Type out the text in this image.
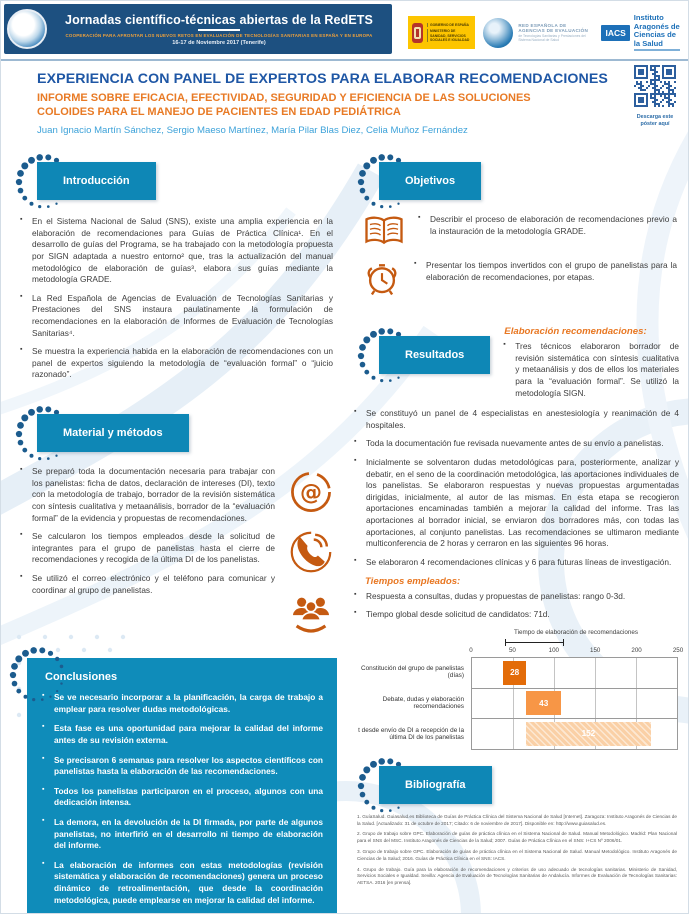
Jornadas científico-técnicas abiertas de la RedETS
COOPERACIÓN PARA AFRONTAR LOS NUEVOS RETOS EN EVALUACIÓN DE TECNOLOGÍAS SANITARIAS EN ESPAÑA Y EN EUROPA
16-17 de Noviembre 2017 (Tenerife)
GOBIERNO DE ESPAÑA
MINISTERIO DE SANIDAD, SERVICIOS SOCIALES E IGUALDAD
RED ESPAÑOLA DE AGENCIAS DE EVALUACIÓN
de Tecnologías Sanitarias y Prestaciones del Sistema Nacional de Salud
IACS
Instituto Aragonés de
Ciencias de la Salud
EXPERIENCIA CON PANEL DE EXPERTOS PARA ELABORAR RECOMENDACIONES
INFORME SOBRE EFICACIA, EFECTIVIDAD, SEGURIDAD Y EFICIENCIA DE LAS SOLUCIONES COLOIDES PARA EL MANEJO DE PACIENTES EN EDAD PEDIÁTRICA
Juan Ignacio Martín Sánchez, Sergio Maeso Martínez, María Pilar Blas Diez, Celia Muñoz Fernández
Descarga este
póster aquí
Introducción
▪ En el Sistema Nacional de Salud (SNS), existe una amplia experiencia en la elaboración de recomendaciones para Guías de Práctica Clínica¹. En el desarrollo de guías del Programa, se ha trabajado con la metodología propuesta por SIGN adaptada a nuestro entorno² que, tras la actualización del manual metodológico de elaboración de guías³, elabora sus guías mediante la metodología GRADE.
▪ La Red Española de Agencias de Evaluación de Tecnologías Sanitarias y Prestaciones del SNS instaura paulatinamente la formulación de recomendaciones en la elaboración de Informes de Evaluación de Tecnologías Sanitarias⁴.
▪ Se muestra la experiencia habida en la elaboración de recomendaciones con un panel de expertos siguiendo la metodología de “evaluación formal” o “juicio razonado”.
Material y métodos
▪ Se preparó toda la documentación necesaria para trabajar con los panelistas: ficha de datos, declaración de intereses (DI), texto con la metodología de trabajo, borrador de la revisión sistemática con síntesis cualitativa y metaanálisis, borrador de la “evaluación formal” de la evidencia y propuestas de recomendaciones.
▪ Se calcularon los tiempos empleados desde la solicitud de integrantes para el grupo de panelistas hasta el cierre de recomendaciones y recogida de la última DI de los panelistas.
▪ Se utilizó el correo electrónico y el teléfono para comunicar y coordinar al grupo de panelistas.
@
Conclusiones
▪ Se ve necesario incorporar a la planificación, la carga de trabajo a emplear para resolver dudas metodológicas.
▪ Esta fase es una oportunidad para mejorar la calidad del informe antes de su revisión externa.
▪ Se precisaron 6 semanas para resolver los aspectos científicos con panelistas hasta la elaboración de las recomendaciones.
▪ Todos los panelistas participaron en el proceso, algunos con una dedicación intensa.
▪ La demora, en la devolución de la DI firmada, por parte de algunos panelistas, no interfirió en el desarrollo ni tiempo de elaboración del informe.
▪ La elaboración de informes con estas metodologías (revisión sistemática y elaboración de recomendaciones) genera un proceso dinámico de retroalimentación, que desde la coordinación metodológica, puede emplearse en mejorar la calidad del informe.
Objetivos
▪ Describir el proceso de elaboración de recomendaciones previo a la instauración de la metodología GRADE.
▪ Presentar los tiempos invertidos con el grupo de panelistas para la elaboración de recomendaciones, por etapas.
Resultados
Elaboración recomendaciones:
▪ Tres técnicos elaboraron borrador de revisión sistemática con síntesis cualitativa y metaanálisis y dos de ellos los materiales para la “evaluación formal”. Se utilizó la metodología SIGN.
▪ Se constituyó un panel de 4 especialistas en anestesiología y reanimación de 4 hospitales.
▪ Toda la documentación fue revisada nuevamente antes de su envío a panelistas.
▪ Inicialmente se solventaron dudas metodológicas para, posteriormente, analizar y debatir, en el seno de la coordinación metodológica, las aportaciones individuales de los panelistas. Se elaboraron respuestas y nuevas propuestas argumentadas dirigidas, inicialmente, al autor de las mismas. En esta etapa se recogieron aportaciones encaminadas también a mejorar la calidad del informe. Tras las aportaciones al borrador inicial, se enviaron dos borradores más, con todas las aportaciones, al conjunto panelistas. Las recomendaciones se ultimaron mediante multiconferencia de 2 horas y cerraron en las siguientes 96 horas.
▪ Se elaboraron 4 recomendaciones clínicas y 6 para futuras líneas de investigación.
Tiempos empleados:
▪ Respuesta a consultas, dudas y propuestas de panelistas: rango 0-3d.
▪ Tiempo global desde solicitud de candidatos: 71d.
Tiempo de elaboración de recomendaciones
Constitución del grupo de panelistas (días)
Debate, dudas y elaboración recomendaciones
t desde envío de DI a recepción de la última DI de los panelistas
0	50	100	150	200	250
28
43
152
Bibliografía
1. GuíaSalud. Guiasalud.es Biblioteca de Guías de Práctica Clínica del Sistema Nacional de Salud [Internet]. Zaragoza: Instituto Aragonés de Ciencias de la Salud. [Actualizado: 31 de octubre de 2017; Citado: 6 de noviembre de 2017]. Disponible en: http://www.guiasalud.es.
2. Grupo de trabajo sobre GPC. Elaboración de guías de práctica clínica en el Sistema Nacional de Salud. Manual Metodológico. Madrid: Plan Nacional para el SNS del MSC. Instituto Aragonés de Ciencias de la Salud; 2007. Guías de Práctica Clínica en el SNS: I+CS Nº 2006/01.
3. Grupo de trabajo sobre GPC. Elaboración de guías de práctica clínica en el Sistema Nacional de Salud. Manual Metodológico. Instituto Aragonés de Ciencias de la Salud; 2016. Guías de Práctica Clínica en el SNS: IACS.
4. Grupo de trabajo. Guía para la elaboración de recomendaciones y criterios de uso adecuado de tecnologías sanitarias. Ministerio de Sanidad, Servicios Sociales e Igualdad. Sevilla: Agencia de Evaluación de Tecnologías Sanitarias de Andalucía. Informes de Evaluación de Tecnologías Sanitarias: AETSA. 2016 [en prensa].
